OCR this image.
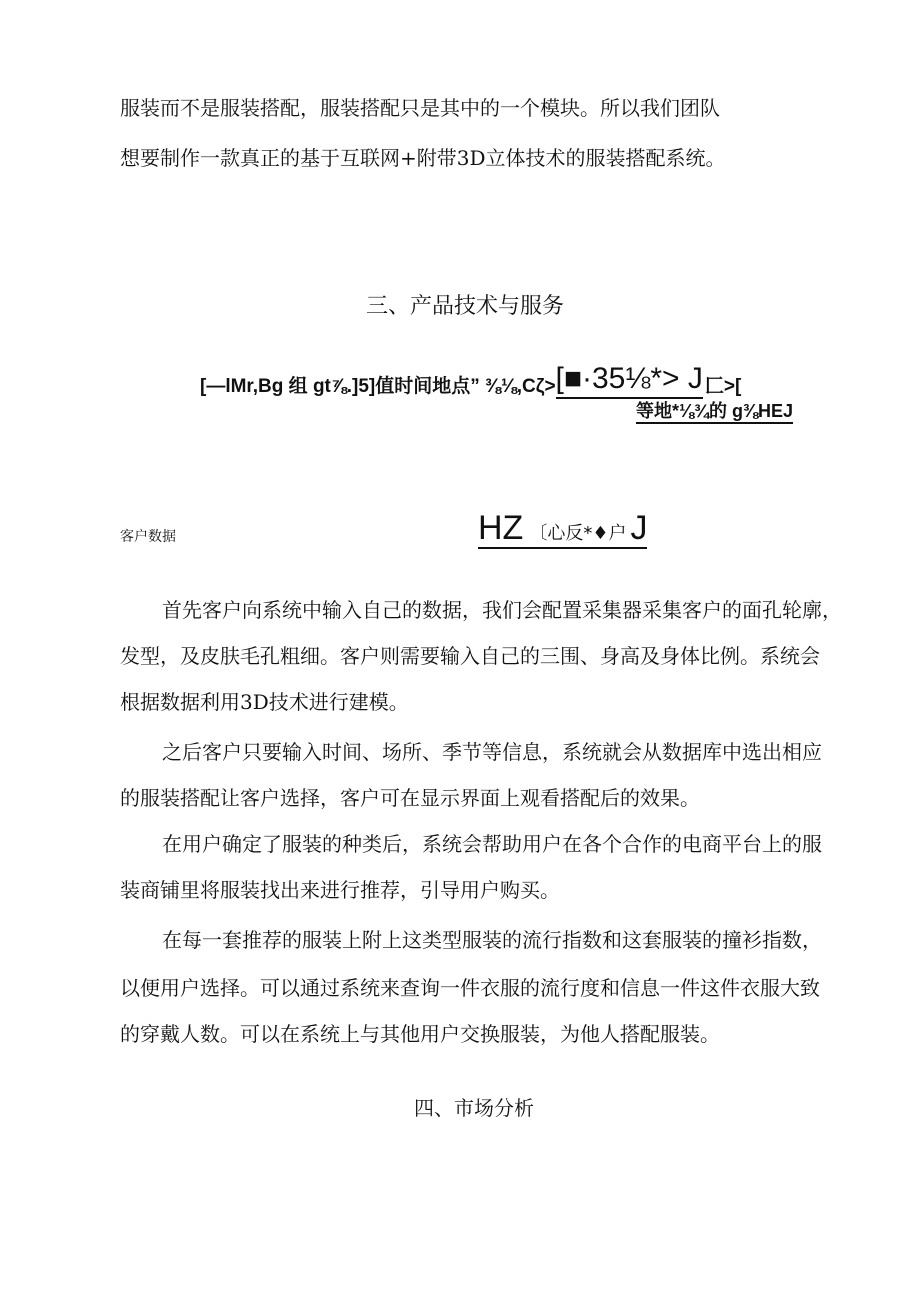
服装而不是服装搭配，服装搭配只是其中的一个模块。所以我们团队
想要制作一款真正的基于互联网+附带3D立体技术的服装搭配系统。
三、产品技术与服务
[—lMr,Bg 组 gt⅞.]5]值时间地点” ⅜⅛,Cζ> [■·35⅛*> J 匚>[
等地*⅛¾的 g⅜HEJ
客户数据	HZ 〔心反*♦户 J
首先客户向系统中输入自己的数据，我们会配置采集器采集客户的面孔轮廓，
发型，及皮肤毛孔粗细。客户则需要输入自己的三围、身高及身体比例。系统会
根据数据利用3D技术进行建模。
之后客户只要输入时间、场所、季节等信息，系统就会从数据库中选出相应
的服装搭配让客户选择，客户可在显示界面上观看搭配后的效果。
在用户确定了服装的种类后，系统会帮助用户在各个合作的电商平台上的服
装商铺里将服装找出来进行推荐，引导用户购买。
在每一套推荐的服装上附上这类型服装的流行指数和这套服装的撞衫指数，
以便用户选择。可以通过系统来查询一件衣服的流行度和信息一件这件衣服大致
的穿戴人数。可以在系统上与其他用户交换服装，为他人搭配服装。
四、市场分析
